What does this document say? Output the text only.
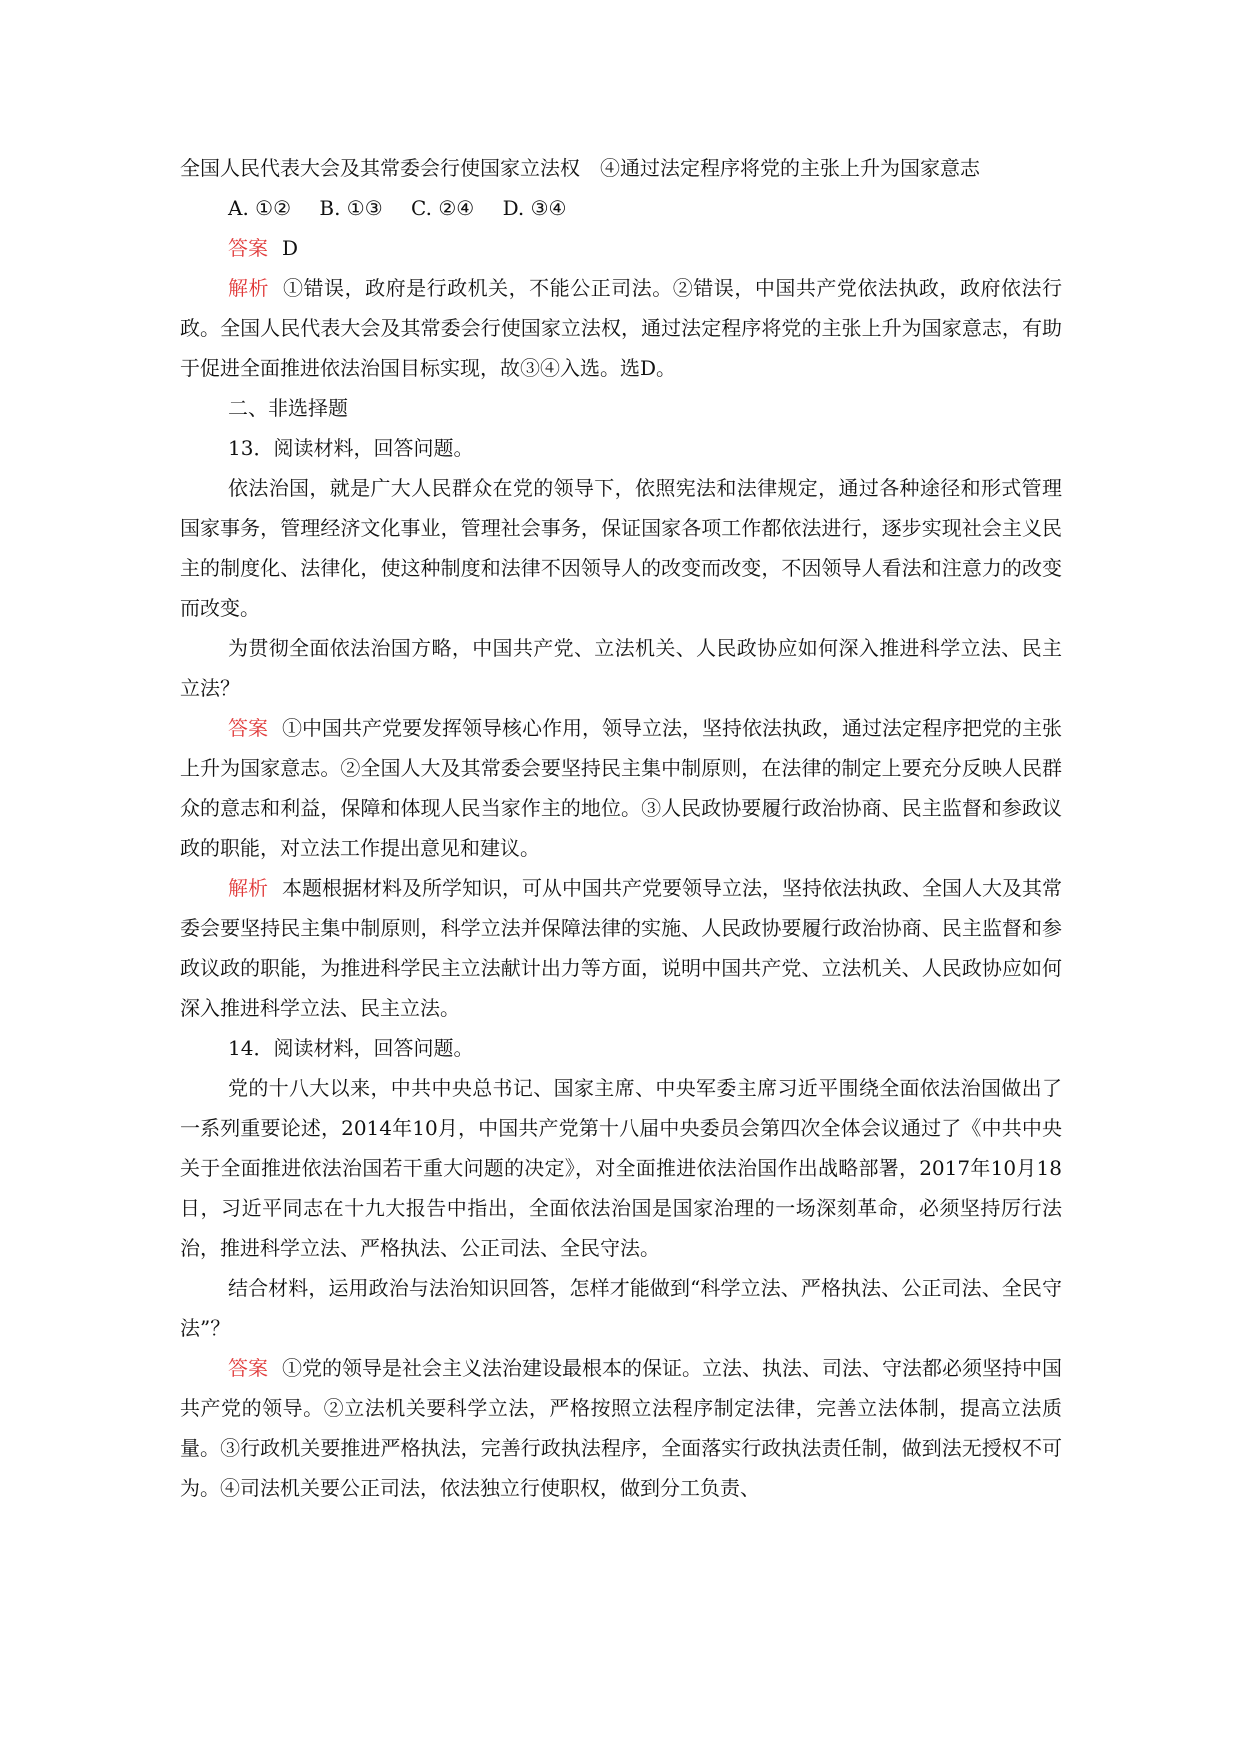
全国人民代表大会及其常委会行使国家立法权　④通过法定程序将党的主张上升为国家意志

A. ①② B. ①③ C. ②④ D. ③④

答案 D

解析 ①错误，政府是行政机关，不能公正司法。②错误，中国共产党依法执政，政府依法行政。全国人民代表大会及其常委会行使国家立法权，通过法定程序将党的主张上升为国家意志，有助于促进全面推进依法治国目标实现，故③④入选。选D。

二、非选择题

13．阅读材料，回答问题。

依法治国，就是广大人民群众在党的领导下，依照宪法和法律规定，通过各种途径和形式管理国家事务，管理经济文化事业，管理社会事务，保证国家各项工作都依法进行，逐步实现社会主义民主的制度化、法律化，使这种制度和法律不因领导人的改变而改变，不因领导人看法和注意力的改变而改变。

为贯彻全面依法治国方略，中国共产党、立法机关、人民政协应如何深入推进科学立法、民主立法？

答案 ①中国共产党要发挥领导核心作用，领导立法，坚持依法执政，通过法定程序把党的主张上升为国家意志。②全国人大及其常委会要坚持民主集中制原则，在法律的制定上要充分反映人民群众的意志和利益，保障和体现人民当家作主的地位。③人民政协要履行政治协商、民主监督和参政议政的职能，对立法工作提出意见和建议。

解析 本题根据材料及所学知识，可从中国共产党要领导立法，坚持依法执政、全国人大及其常委会要坚持民主集中制原则，科学立法并保障法律的实施、人民政协要履行政治协商、民主监督和参政议政的职能，为推进科学民主立法献计出力等方面，说明中国共产党、立法机关、人民政协应如何深入推进科学立法、民主立法。

14．阅读材料，回答问题。

党的十八大以来，中共中央总书记、国家主席、中央军委主席习近平围绕全面依法治国做出了一系列重要论述，2014年10月，中国共产党第十八届中央委员会第四次全体会议通过了《中共中央关于全面推进依法治国若干重大问题的决定》，对全面推进依法治国作出战略部署，2017年10月18日，习近平同志在十九大报告中指出，全面依法治国是国家治理的一场深刻革命，必须坚持厉行法治，推进科学立法、严格执法、公正司法、全民守法。

结合材料，运用政治与法治知识回答，怎样才能做到“科学立法、严格执法、公正司法、全民守法”？

答案 ①党的领导是社会主义法治建设最根本的保证。立法、执法、司法、守法都必须坚持中国共产党的领导。②立法机关要科学立法，严格按照立法程序制定法律，完善立法体制，提高立法质量。③行政机关要推进严格执法，完善行政执法程序，全面落实行政执法责任制，做到法无授权不可为。④司法机关要公正司法，依法独立行使职权，做到分工负责、
